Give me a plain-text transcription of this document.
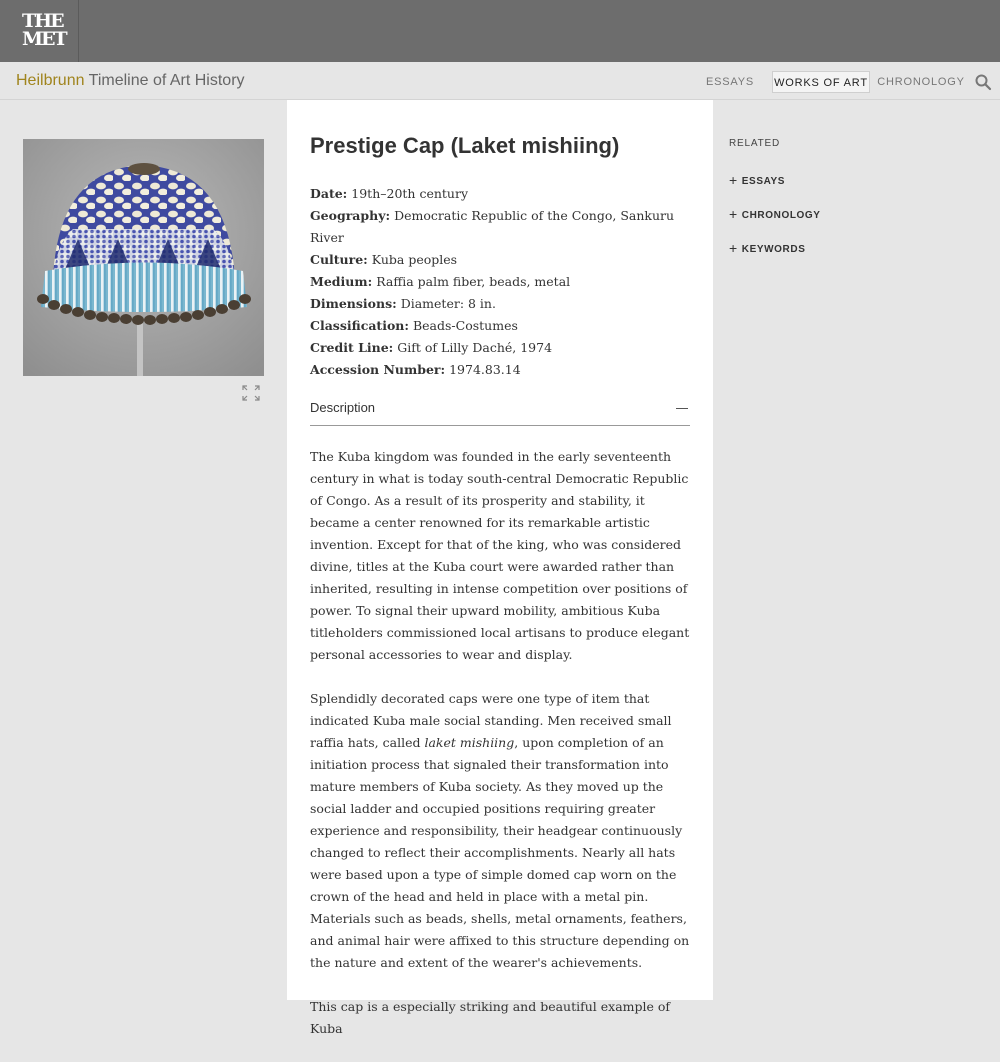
THE
MET
Heilbrunn Timeline of Art History	ESSAYS	WORKS OF ART CHRONOLOGY
Prestige Cap (Laket mishiing)
Date: 19th–20th century
Geography: Democratic Republic of the Congo, Sankuru River
Culture: Kuba peoples
Medium: Raffia palm fiber, beads, metal
Dimensions: Diameter: 8 in.
Classification: Beads-Costumes
Credit Line: Gift of Lilly Daché, 1974
Accession Number: 1974.83.14
Description

The Kuba kingdom was founded in the early seventeenth century in what is today south-central Democratic Republic of Congo. As a result of its prosperity and stability, it became a center renowned for its remarkable artistic invention. Except for that of the king, who was considered divine, titles at the Kuba court were awarded rather than inherited, resulting in intense competition over positions of power. To signal their upward mobility, ambitious Kuba titleholders commissioned local artisans to produce elegant personal accessories to wear and display.

Splendidly decorated caps were one type of item that indicated Kuba male social standing. Men received small raffia hats, called laket mishiing, upon completion of an initiation process that signaled their transformation into mature members of Kuba society. As they moved up the social ladder and occupied positions requiring greater experience and responsibility, their headgear continuously changed to reflect their accomplishments. Nearly all hats were based upon a type of simple domed cap worn on the crown of the head and held in place with a metal pin. Materials such as beads, shells, metal ornaments, feathers, and animal hair were affixed to this structure depending on the nature and extent of the wearer's achievements.

This cap is a especially striking and beautiful example of Kuba

RELATED
+ ESSAYS
+ CHRONOLOGY
+ KEYWORDS
